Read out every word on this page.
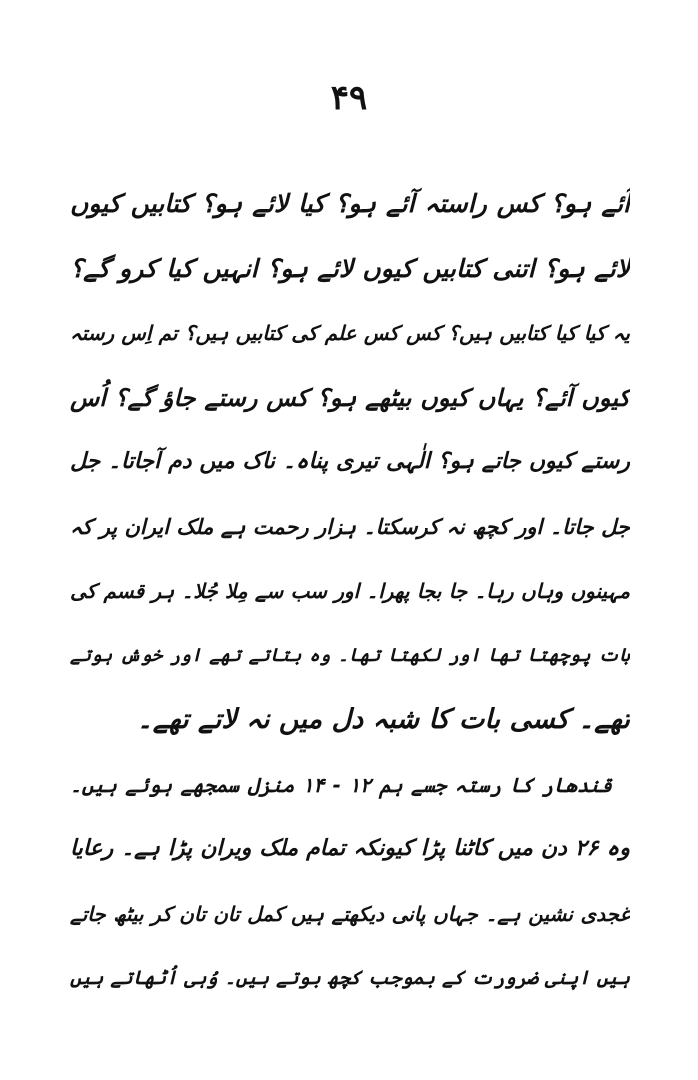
۴۹
آئے ہو؟ کس راستہ آئے ہو؟ کیا لائے ہو؟ کتابیں کیوں
لائے ہو؟ اتنی کتابیں کیوں لائے ہو؟ انہیں کیا کرو گے؟
یہ کیا کیا کتابیں ہیں؟ کس کس علم کی کتابیں ہیں؟ تم اِس رستہ
کیوں آئے؟ یہاں کیوں بیٹھے ہو؟ کس رستے جاؤ گے؟ اُس
رستے کیوں جاتے ہو؟ الٰہی تیری پناہ۔ ناک میں دم آجاتا۔ جل
جل جاتا۔ اور کچھ نہ کرسکتا۔ ہزار رحمت ہے ملک ایران پر کہ
مہینوں وہاں رہا۔ جا بجا پھرا۔ اور سب سے مِلا جُلا۔ ہر قسم کی
بات پوچھتا تھا اور لکھتا تھا۔ وہ بتاتے تھے اور خوش ہوتے
تھے۔ کسی بات کا شبہ دل میں نہ لاتے تھے۔
قندھار کا رستہ جسے ہم ۱۲ - ۱۴ منزل سمجھے ہوئے ہیں۔
وہ ۲۶ دن میں کاٹنا پڑا کیونکہ تمام ملک ویران پڑا ہے۔ رعایا
غجدی نشین ہے۔ جہاں پانی دیکھتے ہیں کمل تان تان کر بیٹھ جاتے
ہیں اپنی ضرورت کے بموجب کچھ بوتے ہیں۔ وُہی اُٹھاتے ہیں
